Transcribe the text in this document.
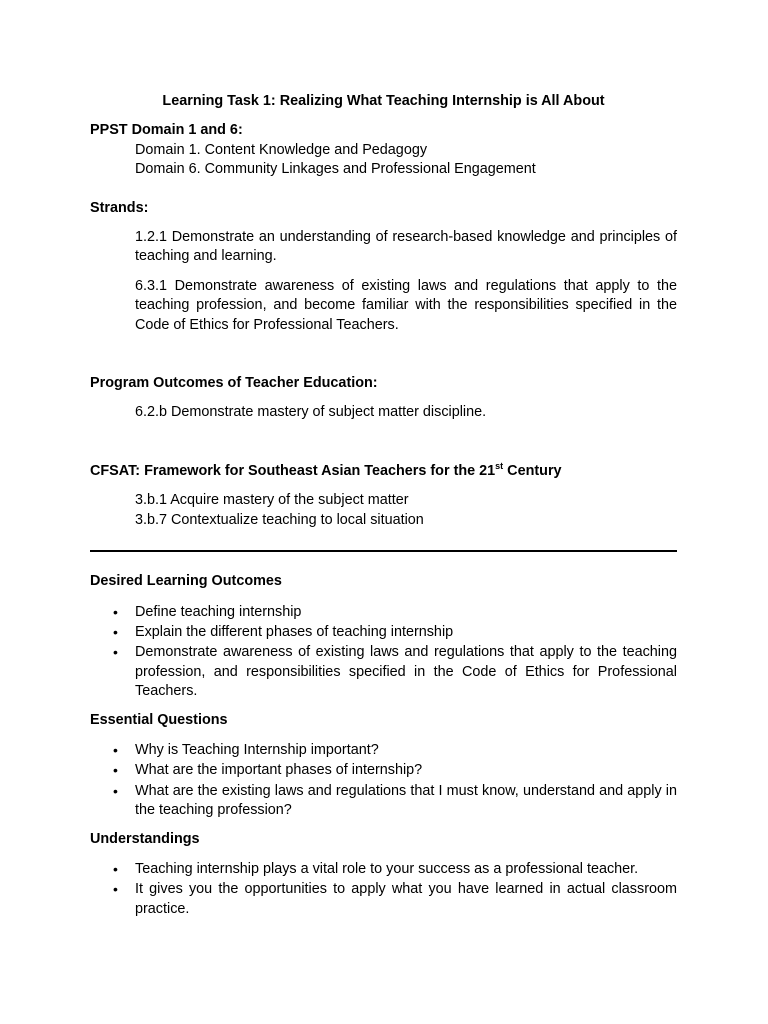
Learning Task 1: Realizing What Teaching Internship is All About

PPST Domain 1 and 6:

Domain 1. Content Knowledge and Pedagogy

Domain 6. Community Linkages and Professional Engagement

Strands:

1.2.1 Demonstrate an understanding of research-based knowledge and principles of teaching and learning.

6.3.1 Demonstrate awareness of existing laws and regulations that apply to the teaching profession, and become familiar with the responsibilities specified in the Code of Ethics for Professional Teachers.

Program Outcomes of Teacher Education:

6.2.b Demonstrate mastery of subject matter discipline.

CFSAT: Framework for Southeast Asian Teachers for the 21st Century

3.b.1 Acquire mastery of the subject matter

3.b.7 Contextualize teaching to local situation

Desired Learning Outcomes

• Define teaching internship
• Explain the different phases of teaching internship
• Demonstrate awareness of existing laws and regulations that apply to the teaching profession, and responsibilities specified in the Code of Ethics for Professional Teachers.

Essential Questions

• Why is Teaching Internship important?
• What are the important phases of internship?
• What are the existing laws and regulations that I must know, understand and apply in the teaching profession?

Understandings

• Teaching internship plays a vital role to your success as a professional teacher.
• It gives you the opportunities to apply what you have learned in actual classroom practice.
